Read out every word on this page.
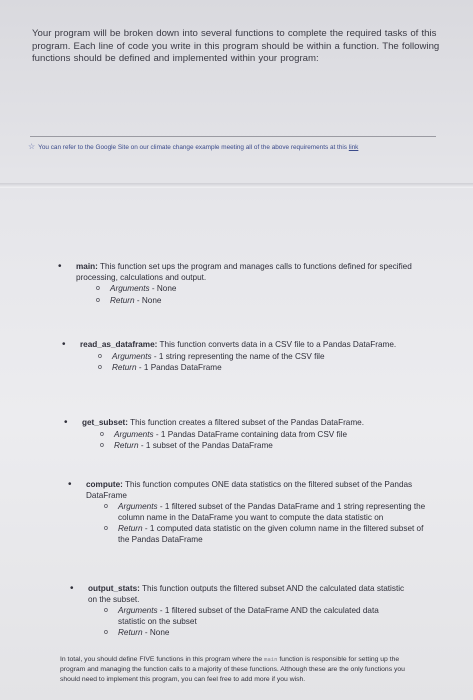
Your program will be broken down into several functions to complete the required tasks of this program. Each line of code you write in this program should be within a function. The following functions should be defined and implemented within your program:
☆ You can refer to the Google Site on our climate change example meeting all of the above requirements at this link
• main: This function set ups the program and manages calls to functions defined for specified processing, calculations and output.
o Arguments - None
o Return - None
• read_as_dataframe: This function converts data in a CSV file to a Pandas DataFrame.
o Arguments - 1 string representing the name of the CSV file
o Return - 1 Pandas DataFrame
• get_subset: This function creates a filtered subset of the Pandas DataFrame.
o Arguments - 1 Pandas DataFrame containing data from CSV file
o Return - 1 subset of the Pandas DataFrame
• compute: This function computes ONE data statistics on the filtered subset of the Pandas DataFrame
o Arguments - 1 filtered subset of the Pandas DataFrame and 1 string representing the column name in the DataFrame you want to compute the data statistic on
o Return - 1 computed data statistic on the given column name in the filtered subset of the Pandas DataFrame
• output_stats: This function outputs the filtered subset AND the calculated data statistic on the subset.
o Arguments - 1 filtered subset of the DataFrame AND the calculated data statistic on the subset
o Return - None
In total, you should define FIVE functions in this program where the main function is responsible for setting up the program and managing the function calls to a majority of these functions. Although these are the only functions you should need to implement this program, you can feel free to add more if you wish.
